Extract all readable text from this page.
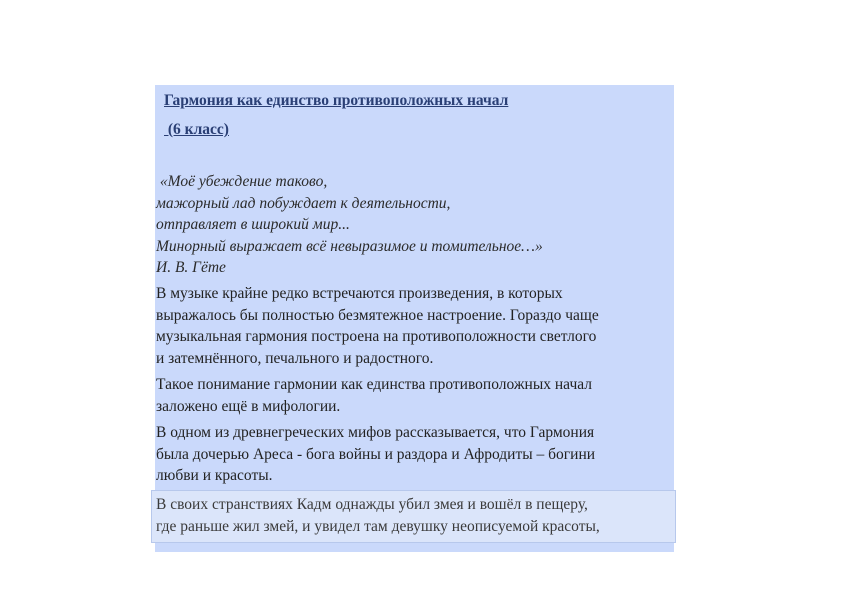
Гармония как единство противоположных начал
(6 класс)
«Моё убеждение таково,
мажорный лад побуждает к деятельности,
отправляет в широкий мир...
Минорный выражает всё невыразимое и томительное…»
И. В. Гёте
В музыке крайне редко встречаются произведения, в которых
выражалось бы полностью безмятежное настроение. Гораздо чаще
музыкальная гармония построена на противоположности светлого
и затемнённого, печального и радостного.
Такое понимание гармонии как единства противоположных начал
заложено ещё в мифологии.
В одном из древнегреческих мифов рассказывается, что Гармония
была дочерью Ареса - бога войны и раздора и Афродиты – богини
любви и красоты.
В своих странствиях Кадм однажды убил змея и вошёл в пещеру,
где раньше жил змей, и увидел там девушку неописуемой красоты,
